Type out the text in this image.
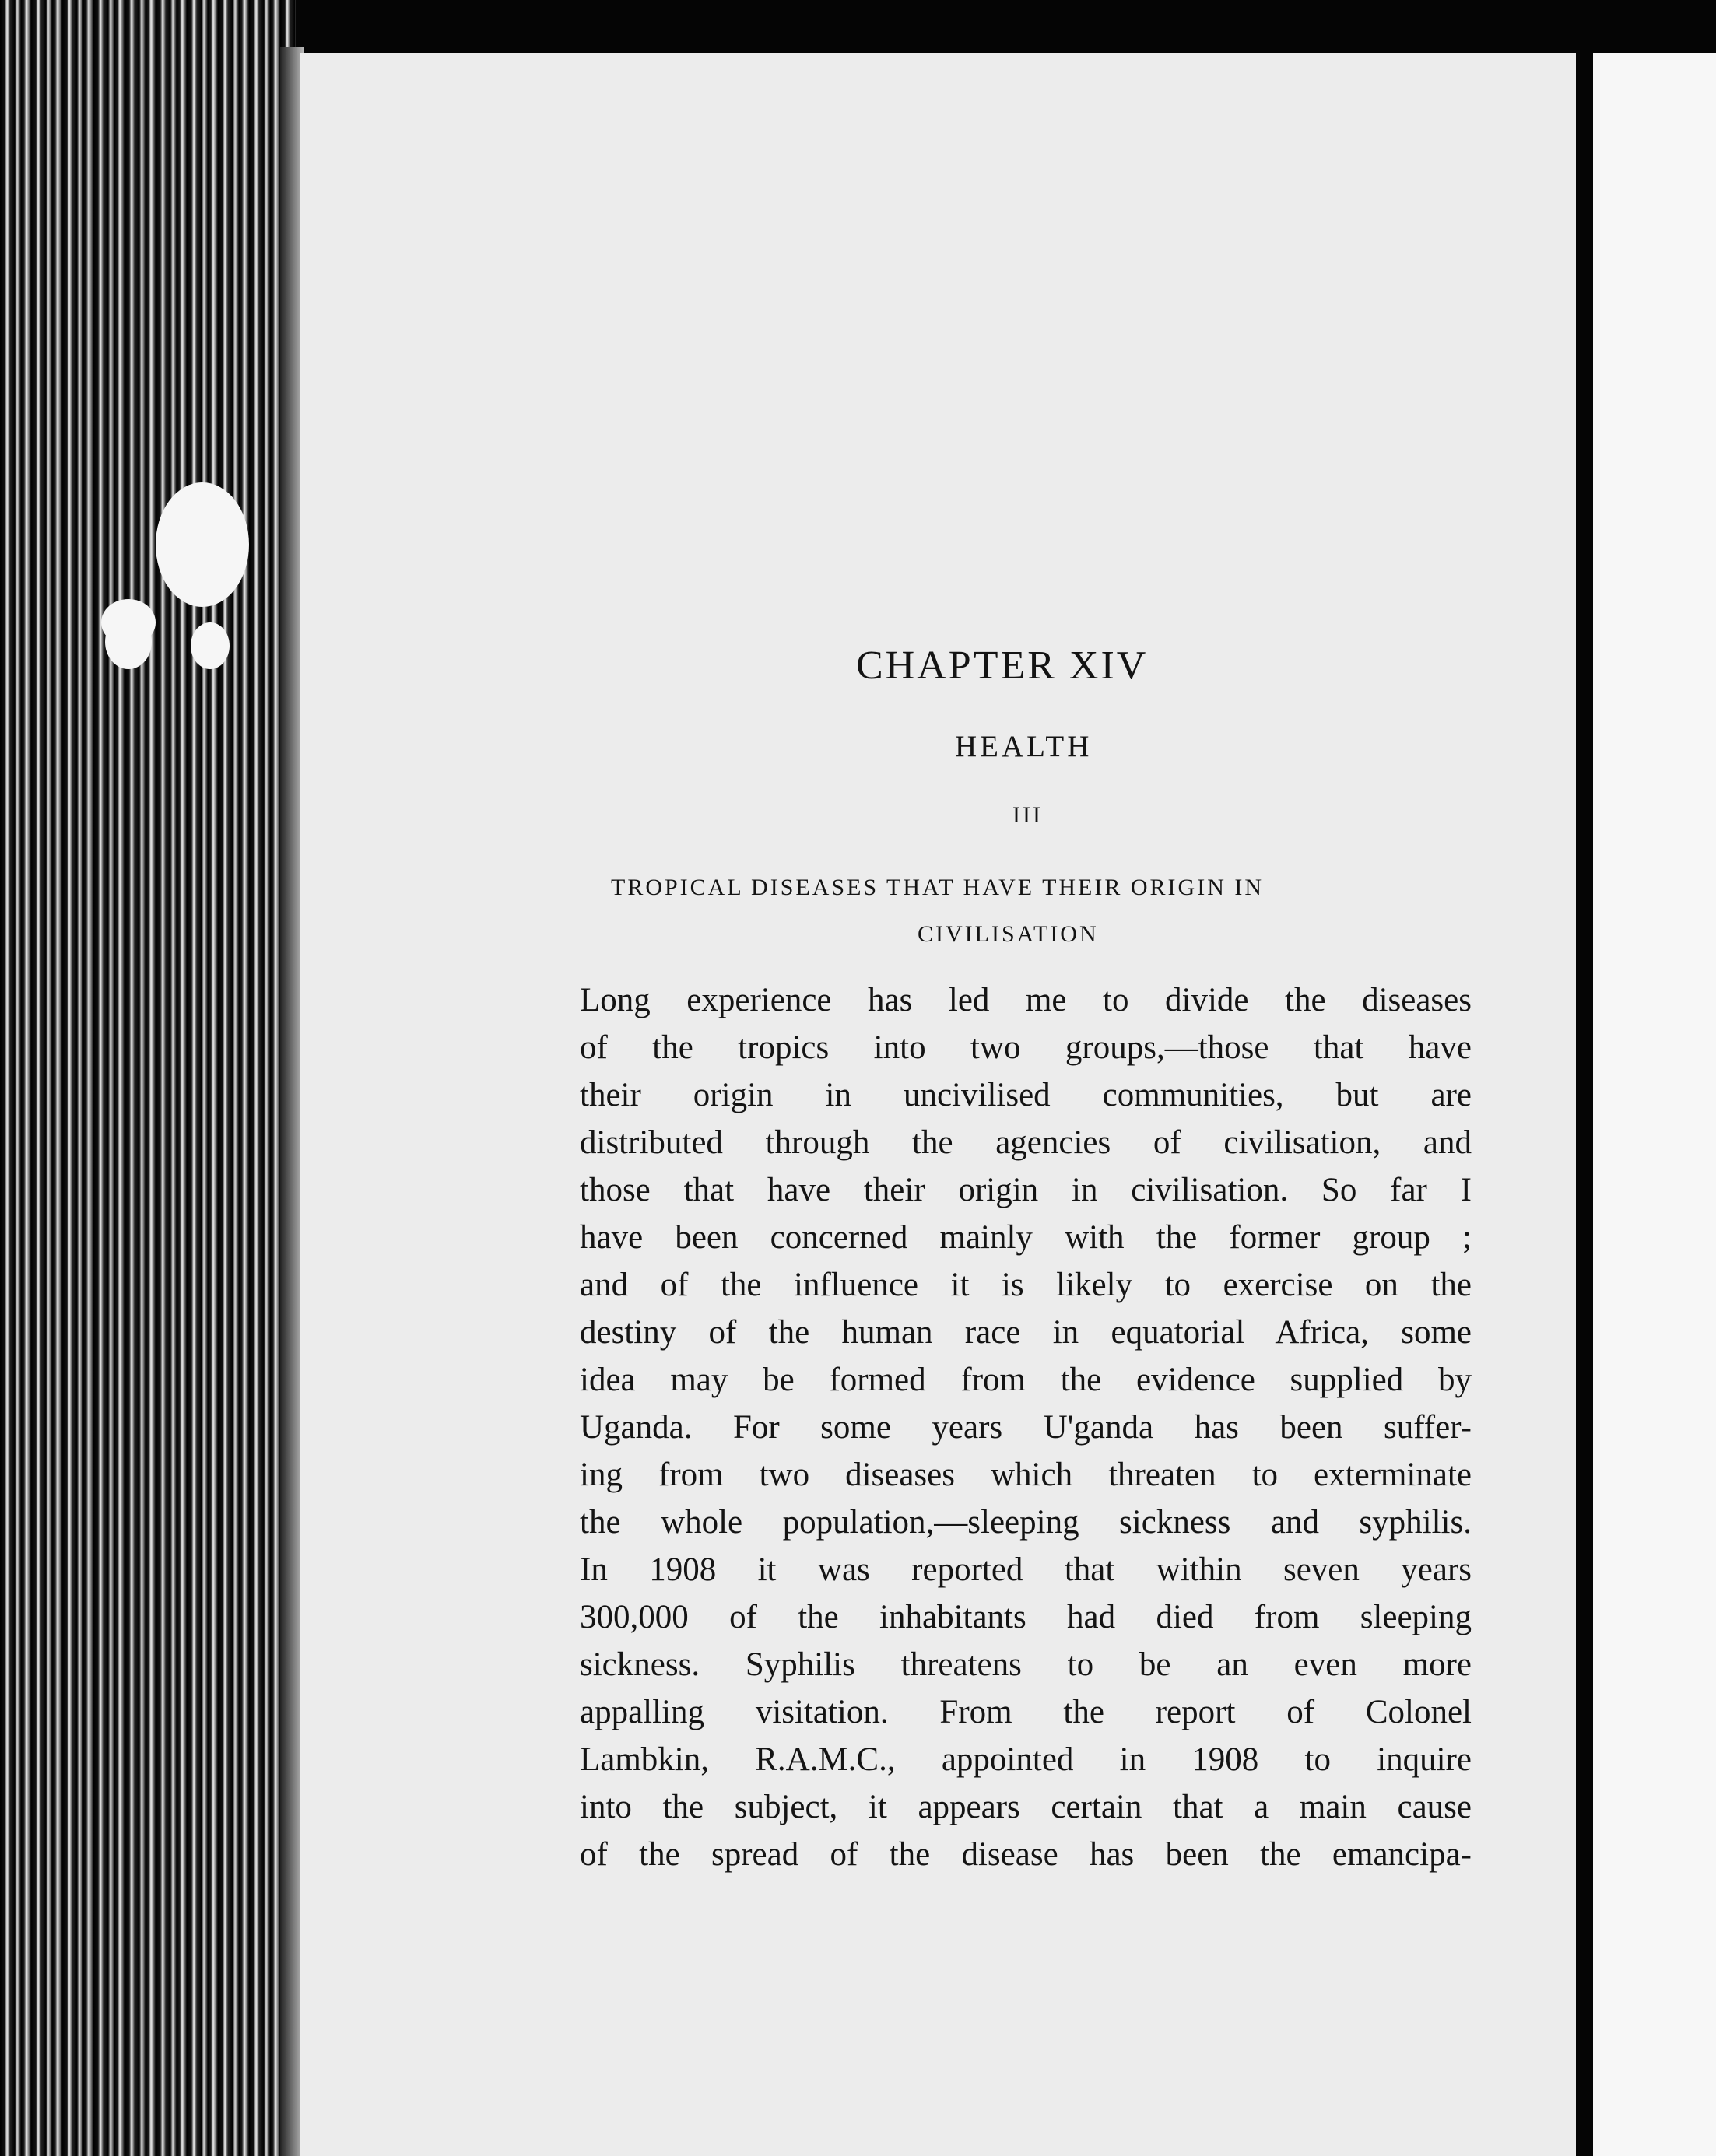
CHAPTER XIV
HEALTH
III
TROPICAL DISEASES THAT HAVE THEIR ORIGIN IN
CIVILISATION
Long experience has led me to divide the diseases
of the tropics into two groups,—those that have
their origin in uncivilised communities, but are
distributed through the agencies of civilisation, and
those that have their origin in civilisation. So far I
have been concerned mainly with the former group ;
and of the influence it is likely to exercise on the
destiny of the human race in equatorial Africa, some
idea may be formed from the evidence supplied by
Uganda. For some years U'ganda has been suffer-
ing from two diseases which threaten to exterminate
the whole population,—sleeping sickness and syphilis.
In 1908 it was reported that within seven years
300,000 of the inhabitants had died from sleeping
sickness. Syphilis threatens to be an even more
appalling visitation. From the report of Colonel
Lambkin, R.A.M.C., appointed in 1908 to inquire
into the subject, it appears certain that a main cause
of the spread of the disease has been the emancipa-
